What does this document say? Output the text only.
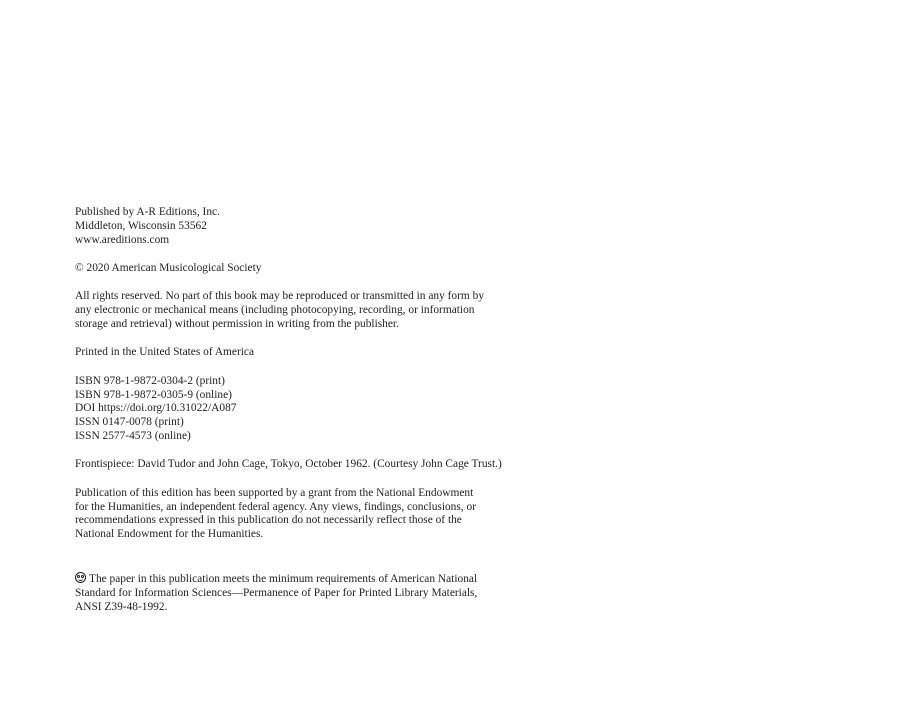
Published by A-R Editions, Inc.
Middleton, Wisconsin 53562
www.areditions.com

© 2020 American Musicological Society

All rights reserved. No part of this book may be reproduced or transmitted in any form by
any electronic or mechanical means (including photocopying, recording, or information
storage and retrieval) without permission in writing from the publisher.

Printed in the United States of America

ISBN 978-1-9872-0304-2 (print)
ISBN 978-1-9872-0305-9 (online)
DOI https://doi.org/10.31022/A087
ISSN 0147-0078 (print)
ISSN 2577-4573 (online)

Frontispiece: David Tudor and John Cage, Tokyo, October 1962. (Courtesy John Cage Trust.)

Publication of this edition has been supported by a grant from the National Endowment
for the Humanities, an independent federal agency. Any views, findings, conclusions, or
recommendations expressed in this publication do not necessarily reflect those of the
National Endowment for the Humanities.

The paper in this publication meets the minimum requirements of American National
Standard for Information Sciences—Permanence of Paper for Printed Library Materials,
ANSI Z39-48-1992.
